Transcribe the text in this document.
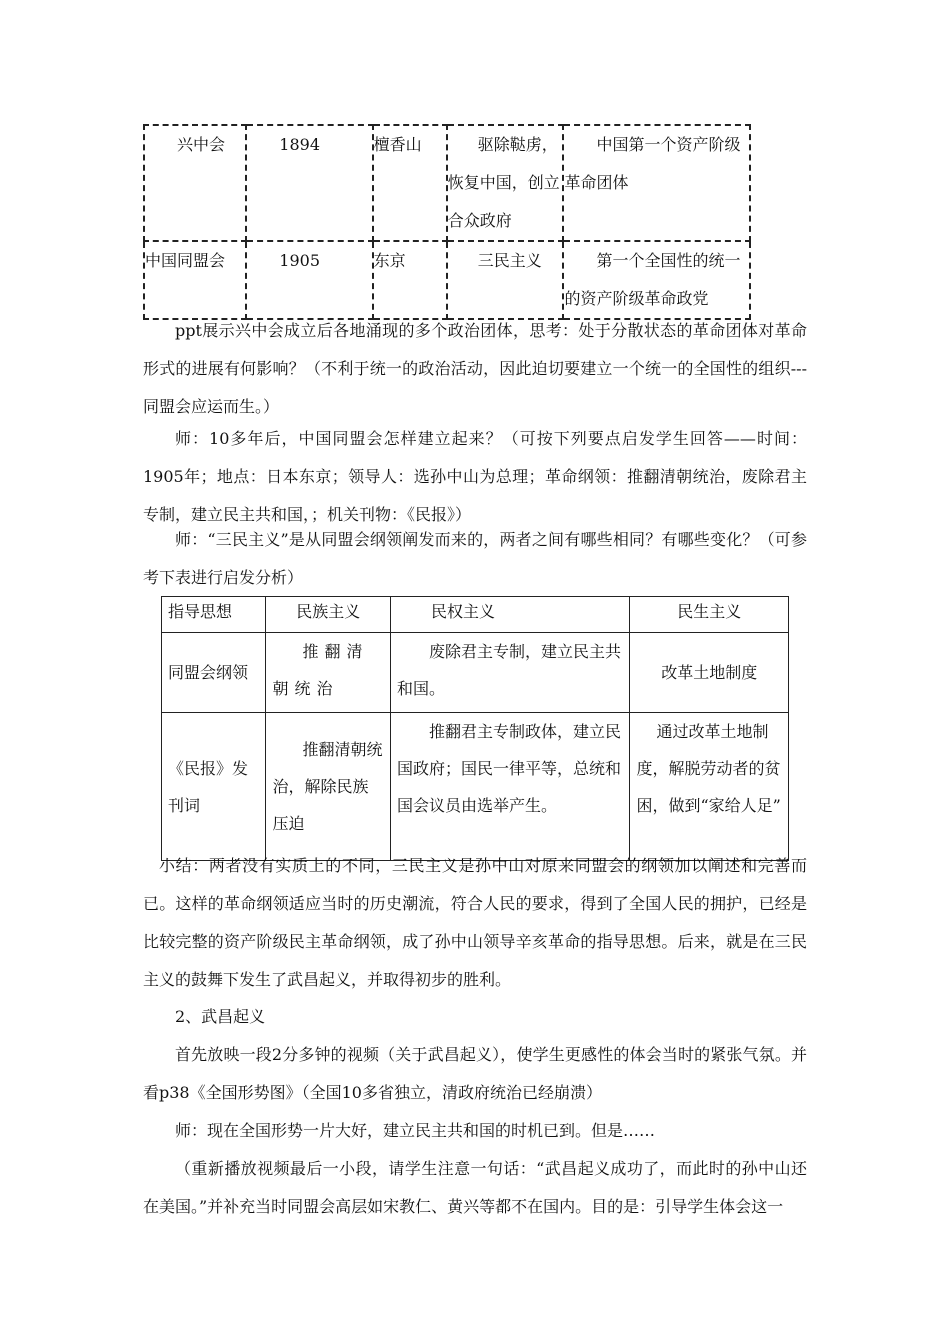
兴中会	1894	檀香山	驱除鞑虏，恢复中国，创立合众政府	中国第一个资产阶级革命团体
中国同盟会	1905	东京	三民主义	第一个全国性的统一的资产阶级革命政党
ppt展示兴中会成立后各地涌现的多个政治团体，思考：处于分散状态的革命团体对革命形式的进展有何影响？（不利于统一的政治活动，因此迫切要建立一个统一的全国性的组织---同盟会应运而生。）
师：10多年后，中国同盟会怎样建立起来？（可按下列要点启发学生回答——时间：1905年；地点：日本东京；领导人：选孙中山为总理；革命纲领：推翻清朝统治，废除君主专制，建立民主共和国，；机关刊物：《民报》）
师：“三民主义”是从同盟会纲领阐发而来的，两者之间有哪些相同？有哪些变化？（可参考下表进行启发分析）
指导思想	民族主义	民权主义	民生主义
同盟会纲领	推翻清朝统治	废除君主专制，建立民主共和国。	改革土地制度
《民报》发刊词	推翻清朝统治，解除民族压迫	推翻君主专制政体，建立民国政府；国民一律平等，总统和国会议员由选举产生。	通过改革土地制度，解脱劳动者的贫困，做到“家给人足”
小结：两者没有实质上的不同，三民主义是孙中山对原来同盟会的纲领加以阐述和完善而已。这样的革命纲领适应当时的历史潮流，符合人民的要求，得到了全国人民的拥护，已经是比较完整的资产阶级民主革命纲领，成了孙中山领导辛亥革命的指导思想。后来，就是在三民主义的鼓舞下发生了武昌起义，并取得初步的胜利。
2、武昌起义
首先放映一段2分多钟的视频（关于武昌起义），使学生更感性的体会当时的紧张气氛。并看p38《全国形势图》（全国10多省独立，清政府统治已经崩溃）
师：现在全国形势一片大好，建立民主共和国的时机已到。但是……
（重新播放视频最后一小段，请学生注意一句话：“武昌起义成功了，而此时的孙中山还在美国。”并补充当时同盟会高层如宋教仁、黄兴等都不在国内。目的是：引导学生体会这一
